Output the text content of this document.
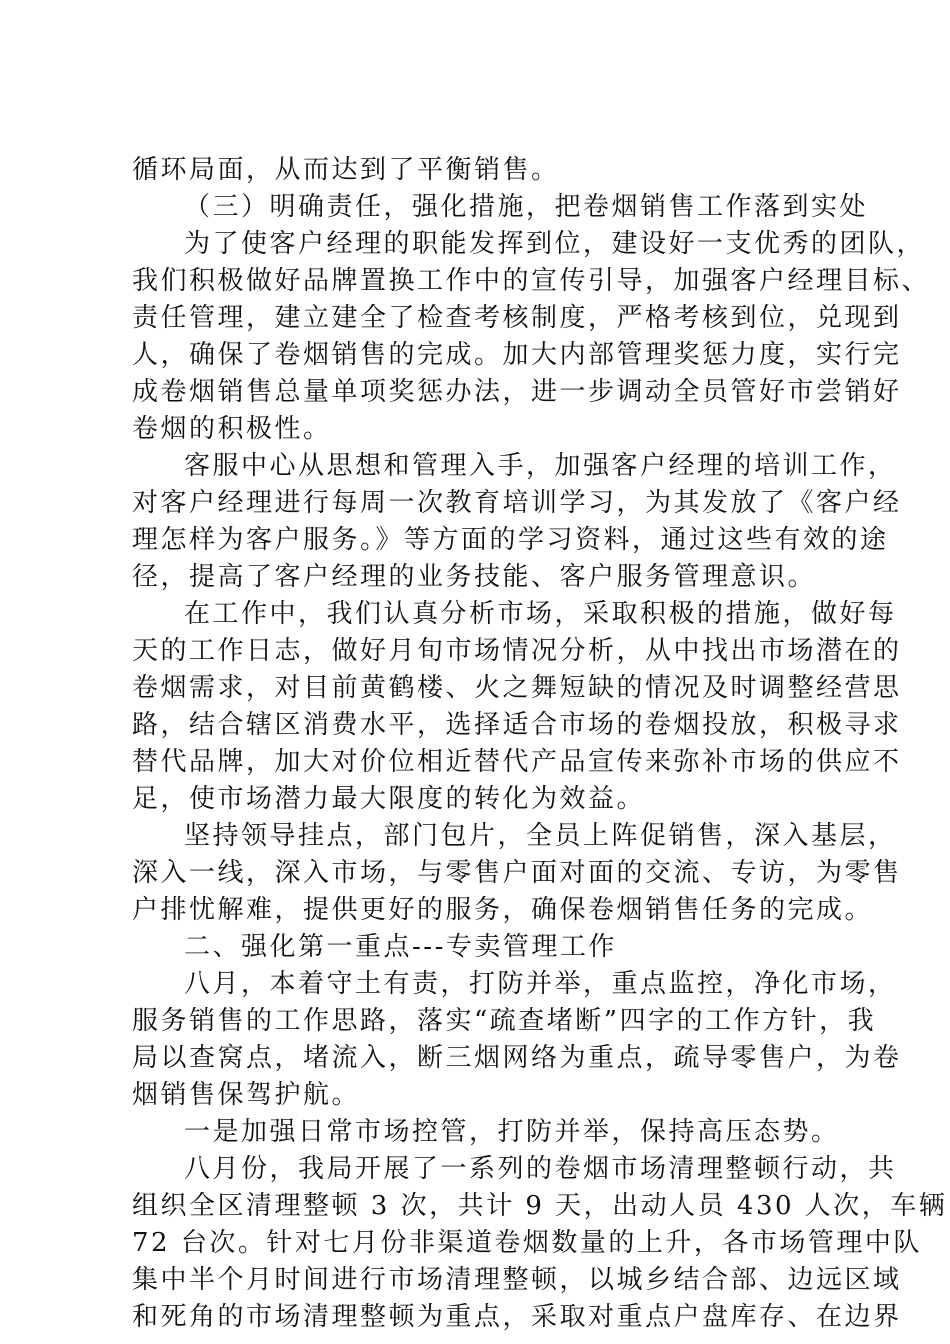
循环局面，从而达到了平衡销售。
（三）明确责任，强化措施，把卷烟销售工作落到实处
为了使客户经理的职能发挥到位，建设好一支优秀的团队，
我们积极做好品牌置换工作中的宣传引导，加强客户经理目标、
责任管理，建立建全了检查考核制度，严格考核到位，兑现到
人，确保了卷烟销售的完成。加大内部管理奖惩力度，实行完
成卷烟销售总量单项奖惩办法，进一步调动全员管好市尝销好
卷烟的积极性。
客服中心从思想和管理入手，加强客户经理的培训工作，
对客户经理进行每周一次教育培训学习，为其发放了《客户经
理怎样为客户服务。》等方面的学习资料，通过这些有效的途
径，提高了客户经理的业务技能、客户服务管理意识。
在工作中，我们认真分析市场，采取积极的措施，做好每
天的工作日志，做好月旬市场情况分析，从中找出市场潜在的
卷烟需求，对目前黄鹤楼、火之舞短缺的情况及时调整经营思
路，结合辖区消费水平，选择适合市场的卷烟投放，积极寻求
替代品牌，加大对价位相近替代产品宣传来弥补市场的供应不
足，使市场潜力最大限度的转化为效益。
坚持领导挂点，部门包片，全员上阵促销售，深入基层，
深入一线，深入市场，与零售户面对面的交流、专访，为零售
户排忧解难，提供更好的服务，确保卷烟销售任务的完成。
二、强化第一重点---专卖管理工作
八月，本着守土有责，打防并举，重点监控，净化市场，
服务销售的工作思路，落实“疏查堵断”四字的工作方针，我
局以查窝点，堵流入，断三烟网络为重点，疏导零售户，为卷
烟销售保驾护航。
一是加强日常市场控管，打防并举，保持高压态势。
八月份，我局开展了一系列的卷烟市场清理整顿行动，共
组织全区清理整顿 3 次，共计 9 天，出动人员 430 人次，车辆
72 台次。针对七月份非渠道卷烟数量的上升，各市场管理中队
集中半个月时间进行市场清理整顿，以城乡结合部、边远区域
和死角的市场清理整顿为重点，采取对重点户盘库存、在边界
